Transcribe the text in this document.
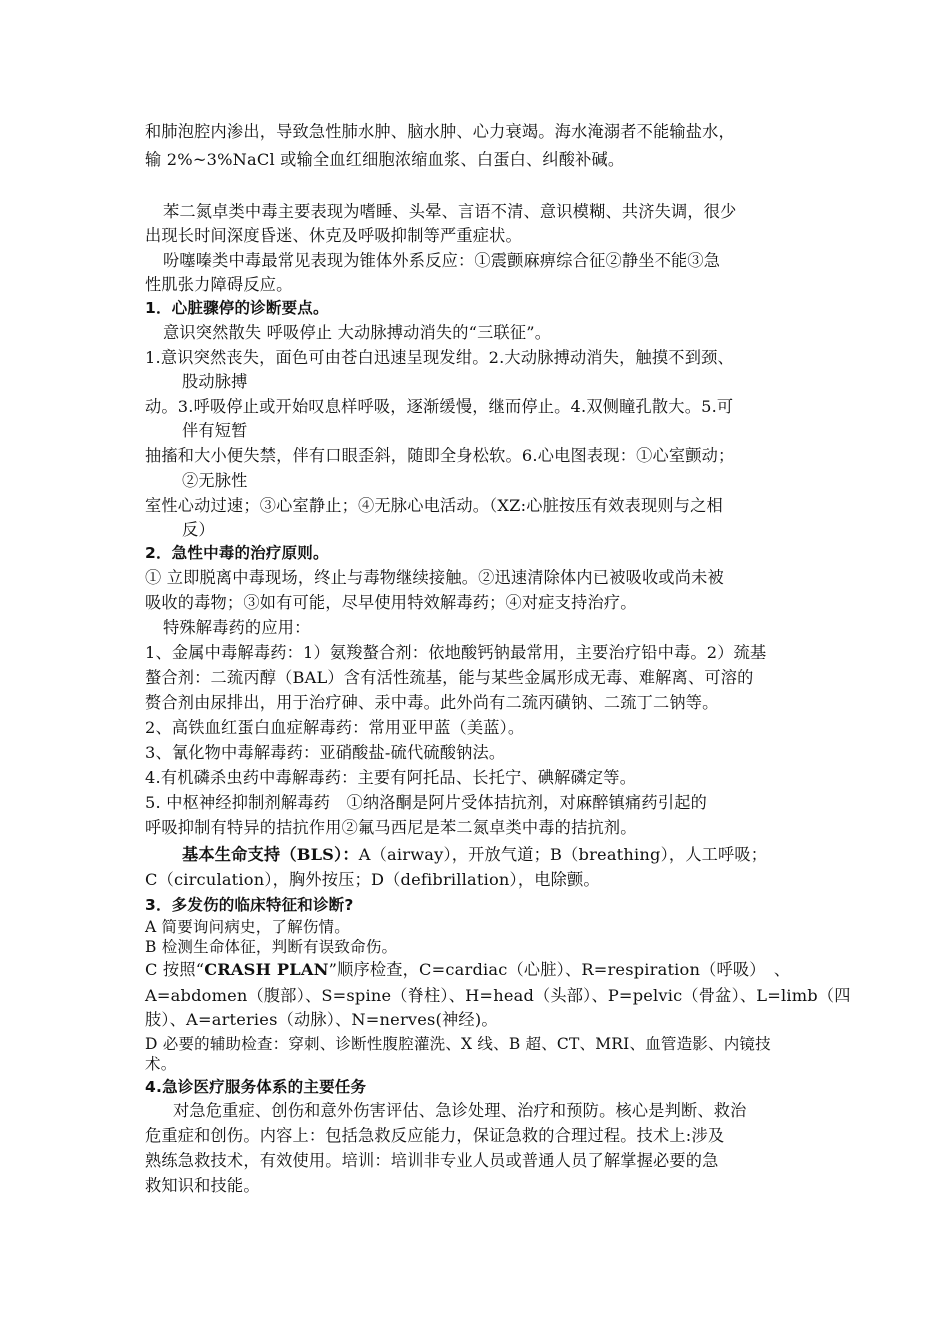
和肺泡腔内渗出，导致急性肺水肿、脑水肿、心力衰竭。海水淹溺者不能输盐水，
输 2%~3%NaCl 或输全血红细胞浓缩血浆、白蛋白、纠酸补碱。
苯二氮卓类中毒主要表现为嗜睡、头晕、言语不清、意识模糊、共济失调，很少
出现长时间深度昏迷、休克及呼吸抑制等严重症状。
吩噻嗪类中毒最常见表现为锥体外系反应：①震颤麻痹综合征②静坐不能③急
性肌张力障碍反应。
1．心脏骤停的诊断要点。
意识突然散失 呼吸停止 大动脉搏动消失的“三联征”。
1.意识突然丧失，面色可由苍白迅速呈现发绀。2.大动脉搏动消失，触摸不到颈、
股动脉搏
动。3.呼吸停止或开始叹息样呼吸，逐渐缓慢，继而停止。4.双侧瞳孔散大。5.可
伴有短暂
抽搐和大小便失禁，伴有口眼歪斜，随即全身松软。6.心电图表现：①心室颤动；
②无脉性
室性心动过速；③心室静止；④无脉心电活动。（XZ:心脏按压有效表现则与之相
反）
2．急性中毒的治疗原则。
① 立即脱离中毒现场，终止与毒物继续接触。②迅速清除体内已被吸收或尚未被
吸收的毒物；③如有可能，尽早使用特效解毒药；④对症支持治疗。
特殊解毒药的应用：
1、金属中毒解毒药：1）氨羧螯合剂：依地酸钙钠最常用，主要治疗铅中毒。2）巯基
螯合剂：二巯丙醇（BAL）含有活性巯基，能与某些金属形成无毒、难解离、可溶的
赘合剂由尿排出，用于治疗砷、汞中毒。此外尚有二巯丙磺钠、二巯丁二钠等。
2、高铁血红蛋白血症解毒药：常用亚甲蓝（美蓝）。
3、氰化物中毒解毒药：亚硝酸盐-硫代硫酸钠法。
4.有机磷杀虫药中毒解毒药：主要有阿托品、长托宁、碘解磷定等。
5. 中枢神经抑制剂解毒药　①纳洛酮是阿片受体拮抗剂，对麻醉镇痛药引起的
呼吸抑制有特异的拮抗作用②氟马西尼是苯二氮卓类中毒的拮抗剂。
基本生命支持（BLS）：A（airway），开放气道；B（breathing），人工呼吸；
C（circulation），胸外按压；D（defibrillation），电除颤。
3．多发伤的临床特征和诊断?
A 简要询问病史，了解伤情。
B 检测生命体征，判断有误致命伤。
C 按照“CRASH PLAN”顺序检查，C=cardiac（心脏）、R=respiration（呼吸）　、
A=abdomen（腹部）、S=spine（脊柱）、H=head（头部）、P=pelvic（骨盆）、L=limb（四
肢）、A=arteries（动脉）、N=nerves(神经)。
D 必要的辅助检查：穿刺、诊断性腹腔灌洗、X 线、B 超、CT、MRI、血管造影、内镜技
术。
4.急诊医疗服务体系的主要任务
对急危重症、创伤和意外伤害评估、急诊处理、治疗和预防。核心是判断、救治
危重症和创伤。内容上：包括急救反应能力，保证急救的合理过程。技术上:涉及
熟练急救技术，有效使用。培训：培训非专业人员或普通人员了解掌握必要的急
救知识和技能。
